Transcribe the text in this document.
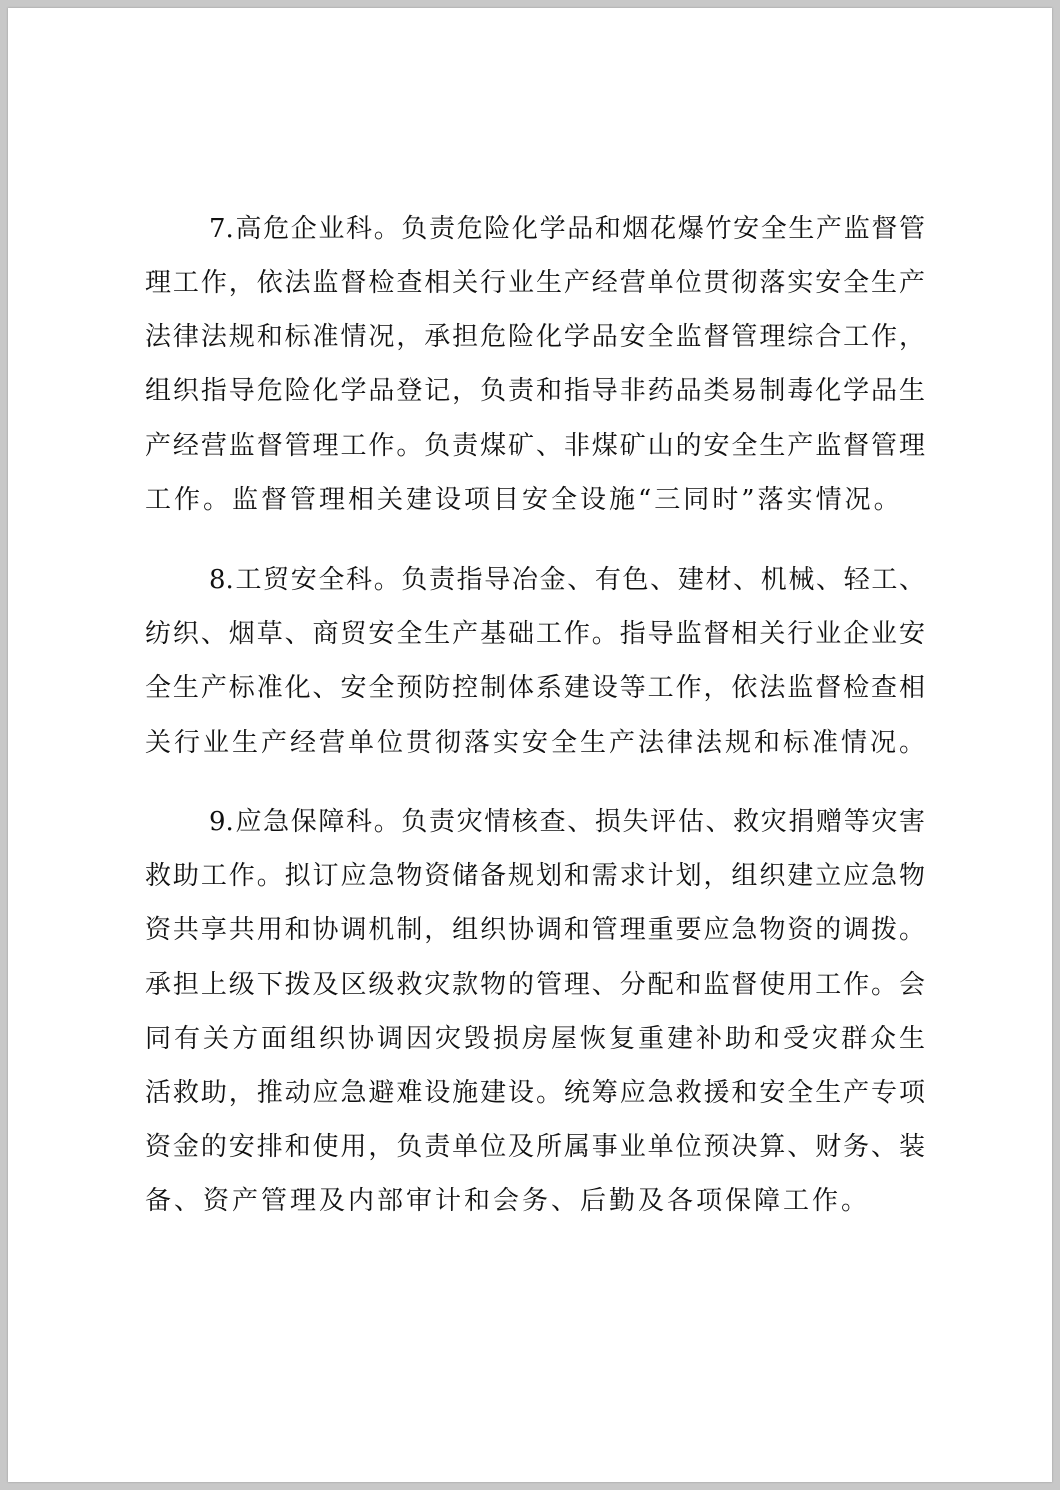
7.高危企业科。负责危险化学品和烟花爆竹安全生产监督管
理工作，依法监督检查相关行业生产经营单位贯彻落实安全生产
法律法规和标准情况，承担危险化学品安全监督管理综合工作，
组织指导危险化学品登记，负责和指导非药品类易制毒化学品生
产经营监督管理工作。负责煤矿、非煤矿山的安全生产监督管理
工作。监督管理相关建设项目安全设施“三同时”落实情况。
8.工贸安全科。负责指导冶金、有色、建材、机械、轻工、
纺织、烟草、商贸安全生产基础工作。指导监督相关行业企业安
全生产标准化、安全预防控制体系建设等工作，依法监督检查相
关行业生产经营单位贯彻落实安全生产法律法规和标准情况。
9.应急保障科。负责灾情核查、损失评估、救灾捐赠等灾害
救助工作。拟订应急物资储备规划和需求计划，组织建立应急物
资共享共用和协调机制，组织协调和管理重要应急物资的调拨。
承担上级下拨及区级救灾款物的管理、分配和监督使用工作。会
同有关方面组织协调因灾毁损房屋恢复重建补助和受灾群众生
活救助，推动应急避难设施建设。统筹应急救援和安全生产专项
资金的安排和使用，负责单位及所属事业单位预决算、财务、装
备、资产管理及内部审计和会务、后勤及各项保障工作。
